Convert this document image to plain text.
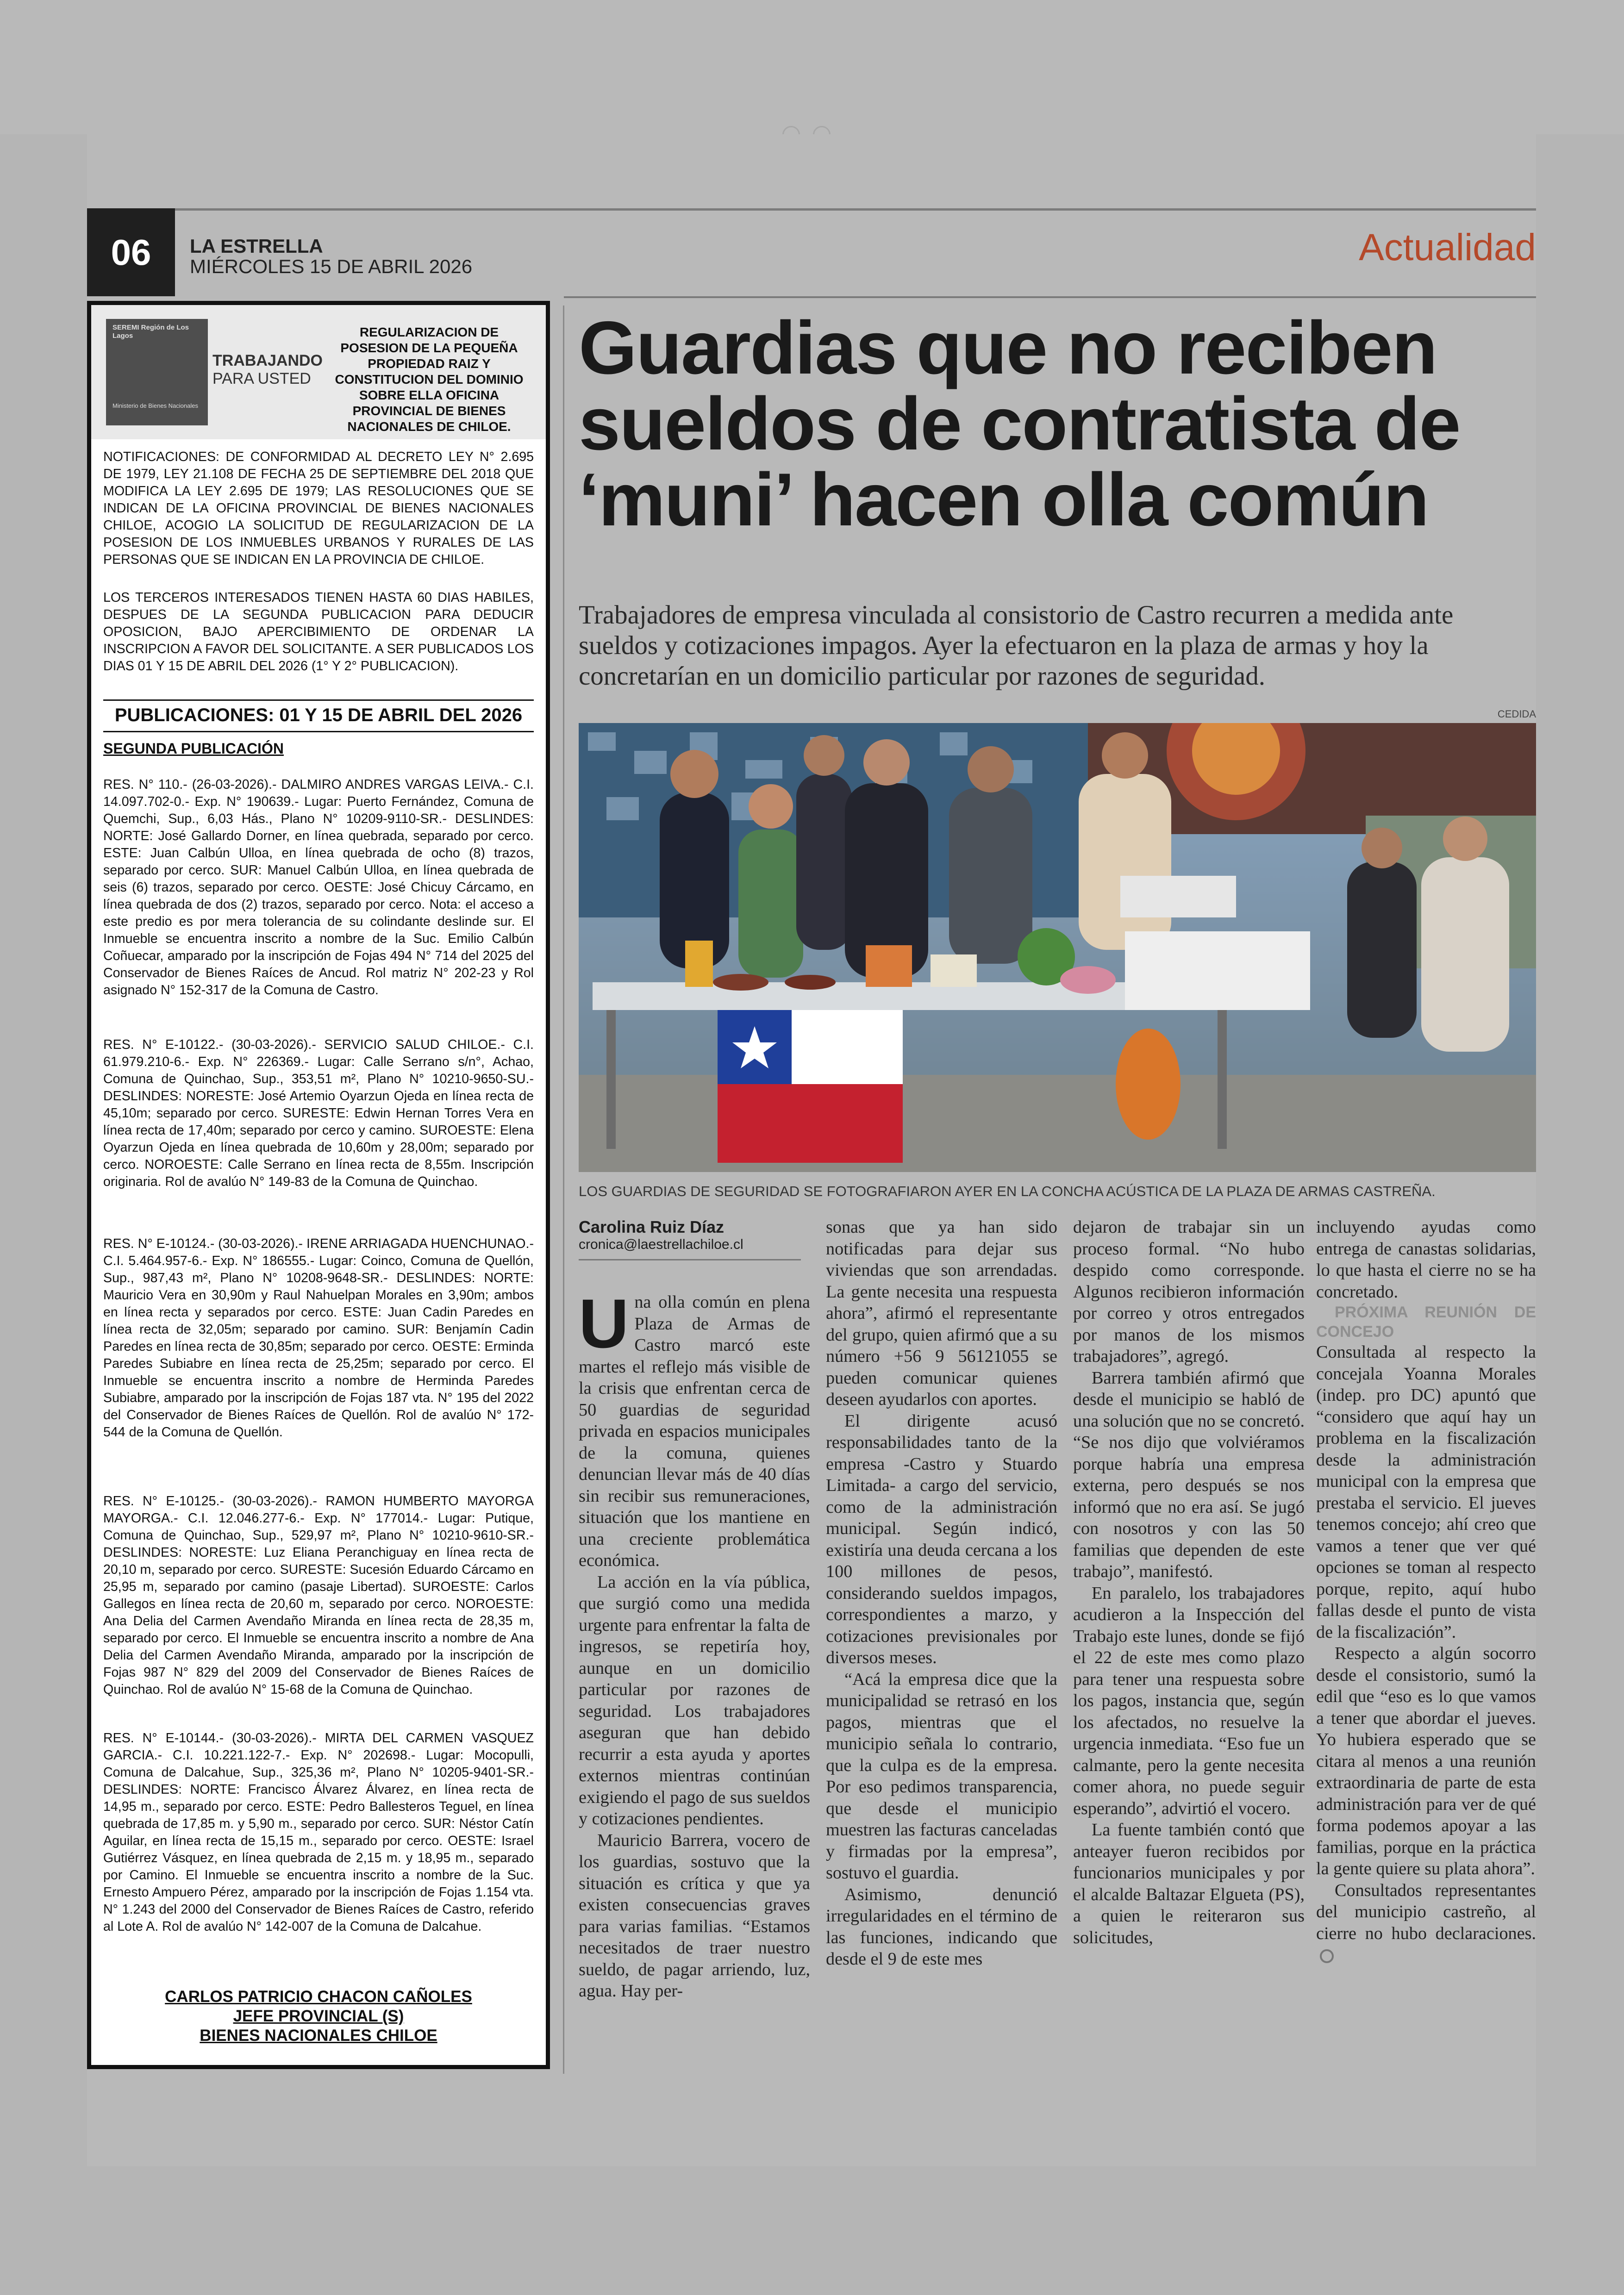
06	LA ESTRELLA
MIÉRCOLES 15 DE ABRIL 2026	Actualidad
SEREMI Región de Los Lagos
Ministerio de Bienes Nacionales
TRABAJANDO
PARA USTED
REGULARIZACION DE POSESION DE LA PEQUEÑA PROPIEDAD RAIZ Y CONSTITUCION DEL DOMINIO SOBRE ELLA OFICINA PROVINCIAL DE BIENES NACIONALES DE CHILOE.
NOTIFICACIONES: DE CONFORMIDAD AL DECRETO LEY N° 2.695 DE 1979, LEY 21.108 DE FECHA 25 DE SEPTIEMBRE DEL 2018 QUE MODIFICA LA LEY 2.695 DE 1979; LAS RESOLUCIONES QUE SE INDICAN DE LA OFICINA PROVINCIAL DE BIENES NACIONALES CHILOE, ACOGIO LA SOLICITUD DE REGULARIZACION DE LA POSESION DE LOS INMUEBLES URBANOS Y RURALES DE LAS PERSONAS QUE SE INDICAN EN LA PROVINCIA DE CHILOE.
LOS TERCEROS INTERESADOS TIENEN HASTA 60 DIAS HABILES, DESPUES DE LA SEGUNDA PUBLICACION PARA DEDUCIR OPOSICION, BAJO APERCIBIMIENTO DE ORDENAR LA INSCRIPCION A FAVOR DEL SOLICITANTE. A SER PUBLICADOS LOS DIAS 01 Y 15 DE ABRIL DEL 2026 (1° Y 2° PUBLICACION).
PUBLICACIONES: 01 Y 15 DE ABRIL DEL 2026
SEGUNDA PUBLICACIÓN
RES. N° 110.- (26-03-2026).- DALMIRO ANDRES VARGAS LEIVA.- C.I. 14.097.702-0.- Exp. N° 190639.- Lugar: Puerto Fernández, Comuna de Quemchi, Sup., 6,03 Hás., Plano N° 10209-9110-SR.- DESLINDES: NORTE: José Gallardo Dorner, en línea quebrada, separado por cerco. ESTE: Juan Calbún Ulloa, en línea quebrada de ocho (8) trazos, separado por cerco. SUR: Manuel Calbún Ulloa, en línea quebrada de seis (6) trazos, separado por cerco. OESTE: José Chicuy Cárcamo, en línea quebrada de dos (2) trazos, separado por cerco. Nota: el acceso a este predio es por mera tolerancia de su colindante deslinde sur. El Inmueble se encuentra inscrito a nombre de la Suc. Emilio Calbún Coñuecar, amparado por la inscripción de Fojas 494 N° 714 del 2025 del Conservador de Bienes Raíces de Ancud. Rol matriz N° 202-23 y Rol asignado N° 152-317 de la Comuna de Castro.
RES. N° E-10122.- (30-03-2026).- SERVICIO SALUD CHILOE.- C.I. 61.979.210-6.- Exp. N° 226369.- Lugar: Calle Serrano s/n°, Achao, Comuna de Quinchao, Sup., 353,51 m², Plano N° 10210-9650-SU.- DESLINDES: NORESTE: José Artemio Oyarzun Ojeda en línea recta de 45,10m; separado por cerco. SURESTE: Edwin Hernan Torres Vera en línea recta de 17,40m; separado por cerco y camino. SUROESTE: Elena Oyarzun Ojeda en línea quebrada de 10,60m y 28,00m; separado por cerco. NOROESTE: Calle Serrano en línea recta de 8,55m. Inscripción originaria. Rol de avalúo N° 149-83 de la Comuna de Quinchao.
RES. N° E-10124.- (30-03-2026).- IRENE ARRIAGADA HUENCHUNAO.- C.I. 5.464.957-6.- Exp. N° 186555.- Lugar: Coinco, Comuna de Quellón, Sup., 987,43 m², Plano N° 10208-9648-SR.- DESLINDES: NORTE: Mauricio Vera en 30,90m y Raul Nahuelpan Morales en 3,90m; ambos en línea recta y separados por cerco. ESTE: Juan Cadin Paredes en línea recta de 32,05m; separado por camino. SUR: Benjamín Cadin Paredes en línea recta de 30,85m; separado por cerco. OESTE: Erminda Paredes Subiabre en línea recta de 25,25m; separado por cerco. El Inmueble se encuentra inscrito a nombre de Herminda Paredes Subiabre, amparado por la inscripción de Fojas 187 vta. N° 195 del 2022 del Conservador de Bienes Raíces de Quellón. Rol de avalúo N° 172-544 de la Comuna de Quellón.
RES. N° E-10125.- (30-03-2026).- RAMON HUMBERTO MAYORGA MAYORGA.- C.I. 12.046.277-6.- Exp. N° 177014.- Lugar: Putique, Comuna de Quinchao, Sup., 529,97 m², Plano N° 10210-9610-SR.- DESLINDES: NORESTE: Luz Eliana Peranchiguay en línea recta de 20,10 m, separado por cerco. SURESTE: Sucesión Eduardo Cárcamo en 25,95 m, separado por camino (pasaje Libertad). SUROESTE: Carlos Gallegos en línea recta de 20,60 m, separado por cerco. NOROESTE: Ana Delia del Carmen Avendaño Miranda en línea recta de 28,35 m, separado por cerco. El Inmueble se encuentra inscrito a nombre de Ana Delia del Carmen Avendaño Miranda, amparado por la inscripción de Fojas 987 N° 829 del 2009 del Conservador de Bienes Raíces de Quinchao. Rol de avalúo N° 15-68 de la Comuna de Quinchao.
RES. N° E-10144.- (30-03-2026).- MIRTA DEL CARMEN VASQUEZ GARCIA.- C.I. 10.221.122-7.- Exp. N° 202698.- Lugar: Mocopulli, Comuna de Dalcahue, Sup., 325,36 m², Plano N° 10205-9401-SR.- DESLINDES: NORTE: Francisco Álvarez Álvarez, en línea recta de 14,95 m., separado por cerco. ESTE: Pedro Ballesteros Teguel, en línea quebrada de 17,85 m. y 5,90 m., separado por cerco. SUR: Néstor Catín Aguilar, en línea recta de 15,15 m., separado por cerco. OESTE: Israel Gutiérrez Vásquez, en línea quebrada de 2,15 m. y 18,95 m., separado por Camino. El Inmueble se encuentra inscrito a nombre de la Suc. Ernesto Ampuero Pérez, amparado por la inscripción de Fojas 1.154 vta. N° 1.243 del 2000 del Conservador de Bienes Raíces de Castro, referido al Lote A. Rol de avalúo N° 142-007 de la Comuna de Dalcahue.
CARLOS PATRICIO CHACON CAÑOLES
JEFE PROVINCIAL (S)
BIENES NACIONALES CHILOE
Guardias que no reciben sueldos de contratista de ‘muni’ hacen olla común
Trabajadores de empresa vinculada al consistorio de Castro recurren a medida ante sueldos y cotizaciones impagos. Ayer la efectuaron en la plaza de armas y hoy la concretarían en un domicilio particular por razones de seguridad.
CEDIDA
LOS GUARDIAS DE SEGURIDAD SE FOTOGRAFIARON AYER EN LA CONCHA ACÚSTICA DE LA PLAZA DE ARMAS CASTREÑA.
Carolina Ruiz Díaz
cronica@laestrellachiloe.cl

Una olla común en plena Plaza de Armas de Castro marcó este martes el reflejo más visible de la crisis que enfrentan cerca de 50 guardias de seguridad privada en espacios municipales de la comuna, quienes denuncian llevar más de 40 días sin recibir sus remuneraciones, situación que los mantiene en una creciente problemática económica.

La acción en la vía pública, que surgió como una medida urgente para enfrentar la falta de ingresos, se repetiría hoy, aunque en un domicilio particular por razones de seguridad. Los trabajadores aseguran que han debido recurrir a esta ayuda y aportes externos mientras continúan exigiendo el pago de sus sueldos y cotizaciones pendientes.

Mauricio Barrera, vocero de los guardias, sostuvo que la situación es crítica y que ya existen consecuencias graves para varias familias. “Estamos necesitados de traer nuestro sueldo, de pagar arriendo, luz, agua. Hay per-

sonas que ya han sido notificadas para dejar sus viviendas que son arrendadas. La gente necesita una respuesta ahora”, afirmó el representante del grupo, quien afirmó que a su número +56 9 56121055 se pueden comunicar quienes deseen ayudarlos con aportes.

El dirigente acusó responsabilidades tanto de la empresa -Castro y Stuardo Limitada- a cargo del servicio, como de la administración municipal. Según indicó, existiría una deuda cercana a los 100 millones de pesos, considerando sueldos impagos, correspondientes a marzo, y cotizaciones previsionales por diversos meses.

“Acá la empresa dice que la municipalidad se retrasó en los pagos, mientras que el municipio señala lo contrario, que la culpa es de la empresa. Por eso pedimos transparencia, que desde el municipio muestren las facturas canceladas y firmadas por la empresa”, sostuvo el guardia.

Asimismo, denunció irregularidades en el término de las funciones, indicando que desde el 9 de este mes

dejaron de trabajar sin un proceso formal. “No hubo despido como corresponde. Algunos recibieron información por correo y otros entregados por manos de los mismos trabajadores”, agregó.

Barrera también afirmó que desde el municipio se habló de una solución que no se concretó. “Se nos dijo que volviéramos porque habría una empresa externa, pero después se nos informó que no era así. Se jugó con nosotros y con las 50 familias que dependen de este trabajo”, manifestó.

En paralelo, los trabajadores acudieron a la Inspección del Trabajo este lunes, donde se fijó el 22 de este mes como plazo para tener una respuesta sobre los pagos, instancia que, según los afectados, no resuelve la urgencia inmediata. “Eso fue un calmante, pero la gente necesita comer ahora, no puede seguir esperando”, advirtió el vocero.

La fuente también contó que anteayer fueron recibidos por funcionarios municipales y por el alcalde Baltazar Elgueta (PS), a quien le reiteraron sus solicitudes,

incluyendo ayudas como entrega de canastas solidarias, lo que hasta el cierre no se ha concretado.

PRÓXIMA REUNIÓN DE CONCEJO

Consultada al respecto la concejala Yoanna Morales (indep. pro DC) apuntó que “considero que aquí hay un problema en la fiscalización desde la administración municipal con la empresa que prestaba el servicio. El jueves tenemos concejo; ahí creo que vamos a tener que ver qué opciones se toman al respecto porque, repito, aquí hubo fallas desde el punto de vista de la fiscalización”.

Respecto a algún socorro desde el consistorio, sumó la edil que “eso es lo que vamos a tener que abordar el jueves. Yo hubiera esperado que se citara al menos a una reunión extraordinaria de parte de esta administración para ver de qué forma podemos apoyar a las familias, porque en la práctica la gente quiere su plata ahora”.

Consultados representantes del municipio castreño, al cierre no hubo declaraciones.
